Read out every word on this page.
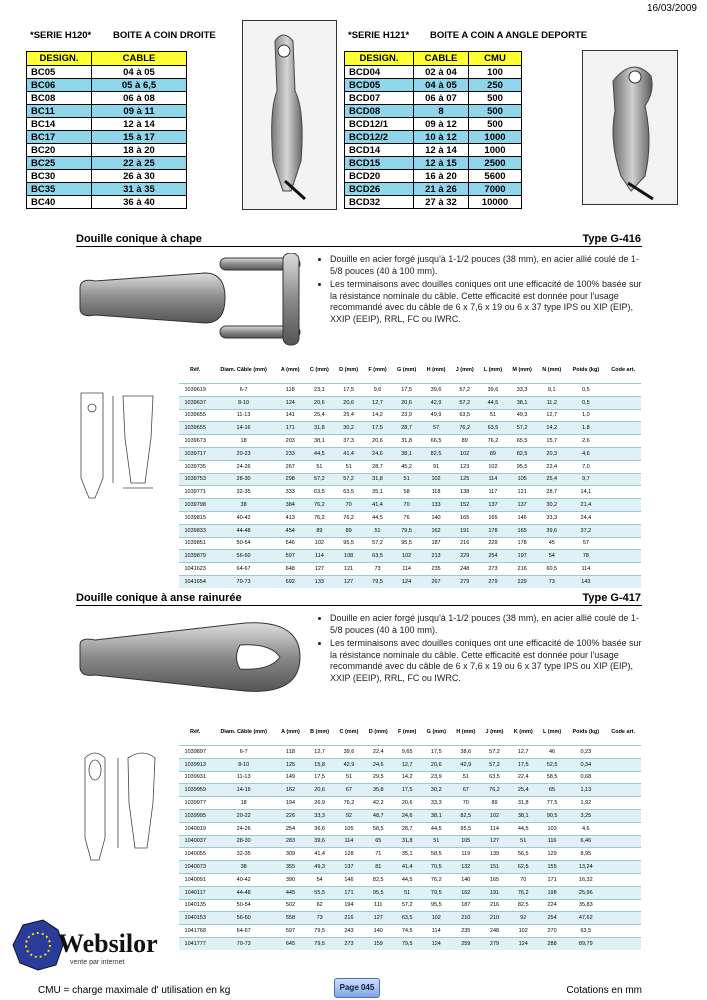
16/03/2009
*SERIE H120* BOITE A COIN DROITE
DESIGN.	CABLE
BC05	04 à 05
BC06	05 à 6,5
BC08	06 à 08
BC11	09 à 11
BC14	12 à 14
BC17	15 à 17
BC20	18 à 20
BC25	22 à 25
BC30	26 à 30
BC35	31 à 35
BC40	36 à 40
*SERIE H121* BOITE A COIN A ANGLE DEPORTE
DESIGN.	CABLE	CMU
BCD04	02 à 04	100
BCD05	04 à 05	250
BCD07	06 à 07	500
BCD08	8	500
BCD12/1	09 à 12	500
BCD12/2	10 à 12	1000
BCD14	12 à 14	1000
BCD15	12 à 15	2500
BCD20	16 à 20	5600
BCD26	21 à 26	7000
BCD32	27 à 32	10000
Douille conique à chape	Type G-416
• Douille en acier forgé jusqu'à 1-1/2 pouces (38 mm), en acier allié coulé de 1-5/8 pouces (40 à 100 mm).
• Les terminaisons avec douilles coniques ont une efficacité de 100% basée sur la résistance nominale du câble. Cette efficacité est donnée pour l'usage recommandé avec du câble de 6 x 7,6 x 19 ou 6 x 37 type IPS ou XIP (EIP), XXIP (EEIP), RRL, FC ou IWRC.
Réf.	Diam. Câble (mm)	A (mm)	C (mm)	D (mm)	F (mm)	G (mm)	H (mm)	J (mm)	L (mm)	M (mm)	N (mm)	Poids (kg)	Code art.
1039619	6-7	118	23,1	17,5	9,6	17,5	39,6	57,2	39,6	33,3	9,1	0,5	
1039637	8-10	124	20,6	20,6	12,7	20,6	42,9	57,2	44,5	38,1	11,2	0,5	
1039655	11-13	141	25,4	25,4	14,2	23,9	49,9	63,5	51	49,3	12,7	1,0	
1039655	14-16	171	31,8	30,2	17,5	28,7	57	76,2	63,5	57,2	14,2	1,8	
1039673	18	203	38,1	37,3	20,6	31,8	66,5	89	76,2	65,5	15,7	2,6	
1039717	20-23	233	44,5	41,4	24,6	38,1	82,5	102	89	82,5	20,3	4,6	
1039735	24-26	267	51	51	28,7	45,2	91	123	102	95,5	22,4	7,0	
1039753	28-30	298	57,2	57,2	31,8	51	102	125	114	105	25,4	9,7	
1039771	32-35	333	63,5	63,5	35,1	58	118	138	117	121	28,7	14,1	
1039798	38	384	76,2	70	41,4	70	133	152	137	137	30,2	21,4	
1039815	40-42	413	76,2	76,2	44,5	76	140	165	165	146	33,3	24,4	
1039833	44-48	454	89	89	51	79,5	162	191	178	165	39,6	37,2	
1039851	50-54	546	102	95,5	57,2	95,5	187	216	229	178	45	57	
1039879	56-60	597	114	108	63,5	102	213	229	254	197	54	78	
1041623	64-67	648	127	121	73	114	235	248	273	216	60,5	114	
1041654	70-73	692	133	127	79,5	124	267	279	279	229	73	143	
Douille conique à anse rainurée	Type G-417
• Douille en acier forgé jusqu'à 1-1/2 pouces (38 mm), en acier allié coulé de 1-5/8 pouces (40 à 100 mm).
• Les terminaisons avec douilles coniques ont une efficacité de 100% basée sur la résistance nominale du câble. Cette efficacité est donnée pour l'usage recommandé avec du câble de 6 x 7,6 x 19 ou 6 x 37 type IPS ou XIP (EIP), XXIP (EEIP), RRL, FC ou IWRC.
Réf.	Diam. Câble (mm)	A (mm)	B (mm)	C (mm)	D (mm)	F (mm)	G (mm)	H (mm)	J (mm)	K (mm)	L (mm)	Poids (kg)	Code art.
1039897	6-7	118	12,7	39,6	22,4	9,65	17,5	38,6	57,2	12,7	46	0,23	
1039913	8-10	125	15,8	42,9	24,6	12,7	20,6	42,9	57,2	17,5	52,5	0,34	
1039931	11-13	149	17,5	51	29,5	14,2	23,9	51	63,5	22,4	58,5	0,68	
1039959	14-16	162	20,6	67	35,8	17,5	30,2	67	76,2	25,4	65	1,13	
1039977	18	194	26,9	76,2	42,2	20,6	33,3	70	89	31,8	77,5	1,92	
1039995	20-22	226	33,3	92	48,7	24,6	38,1	82,5	102	38,1	90,5	3,25	
1040019	24-26	254	36,6	105	58,5	28,7	44,5	95,5	114	44,5	103	4,6	
1040037	28-30	283	39,6	114	65	31,8	51	105	127	51	116	6,46	
1040055	32-35	309	41,4	128	71	35,1	58,5	119	139	56,5	129	8,95	
1040073	38	355	49,3	137	81	41,4	70,5	132	151	62,5	155	13,24	
1040091	40-42	390	54	146	82,5	44,5	76,2	140	165	70	171	16,32	
1040117	44-48	445	55,5	171	95,5	51	79,5	162	191	76,2	198	25,96	
1040135	50-54	502	62	194	111	57,2	95,5	187	216	82,5	224	35,83	
1040153	56-60	558	73	216	127	63,5	102	210	210	92	254	47,62	
1041768	64-67	597	79,5	243	140	74,5	114	235	248	102	270	63,5	
1041777	70-73	645	79,5	273	159	79,5	124	259	279	124	288	89,79	
Websilor
vente par internet
CMU = charge maximale d' utilisation en kg	Page 045	Cotations en mm
